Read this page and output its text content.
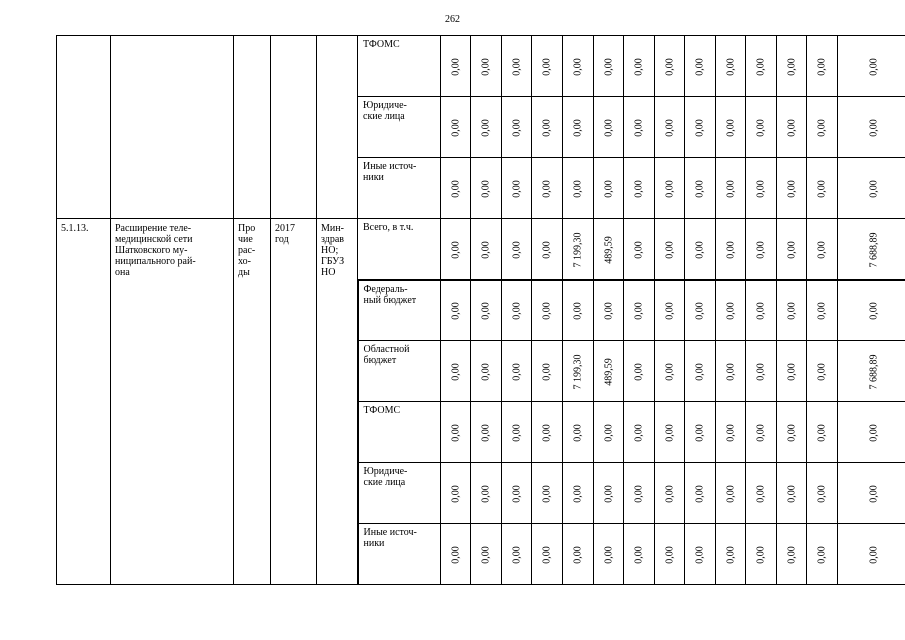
262
					ТФОМС	0,00	0,00	0,00	0,00	0,00	0,00	0,00	0,00	0,00	0,00	0,00	0,00	0,00	0,00

					Юридиче-
ские лица	0,00	0,00	0,00	0,00	0,00	0,00	0,00	0,00	0,00	0,00	0,00	0,00	0,00	0,00

					Иные источ-
ники	0,00	0,00	0,00	0,00	0,00	0,00	0,00	0,00	0,00	0,00	0,00	0,00	0,00	0,00

5.1.13.	Расширение теле-
медицинской сети
Шатковского му-
ниципального рай-
она	Про
чие
рас-
хо-
ды	2017
год	Мин-
здрав
НО;
ГБУЗ
НО	Всего, в т.ч.	0,00	0,00	0,00	0,00	7 199,30	489,59	0,00	0,00	0,00	0,00	0,00	0,00	0,00	7 688,89

					Федераль-
ный бюджет	0,00	0,00	0,00	0,00	0,00	0,00	0,00	0,00	0,00	0,00	0,00	0,00	0,00	0,00

					Областной
бюджет	0,00	0,00	0,00	0,00	7 199,30	489,59	0,00	0,00	0,00	0,00	0,00	0,00	0,00	7 688,89

					ТФОМС	0,00	0,00	0,00	0,00	0,00	0,00	0,00	0,00	0,00	0,00	0,00	0,00	0,00	0,00

					Юридиче-
ские лица	0,00	0,00	0,00	0,00	0,00	0,00	0,00	0,00	0,00	0,00	0,00	0,00	0,00	0,00

					Иные источ-
ники	0,00	0,00	0,00	0,00	0,00	0,00	0,00	0,00	0,00	0,00	0,00	0,00	0,00	0,00
